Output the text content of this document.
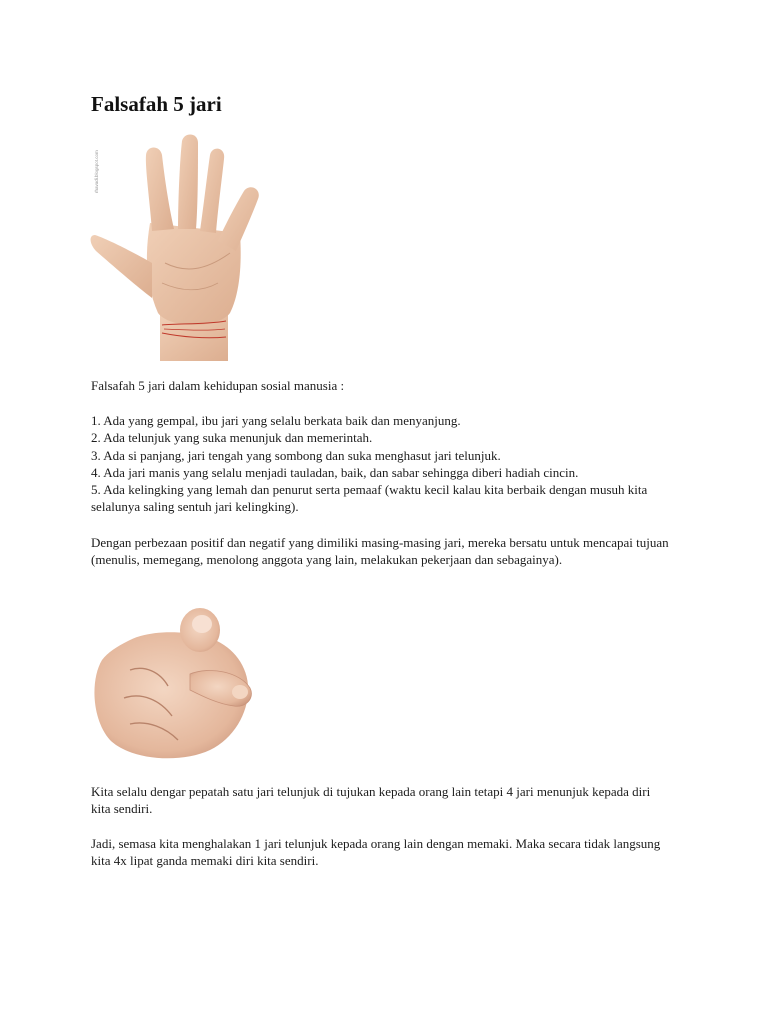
Falsafah 5 jari
rhavadi.blogspot.com

Falsafah 5 jari dalam kehidupan sosial manusia :

1. Ada yang gempal, ibu jari yang selalu berkata baik dan menyanjung.
2. Ada telunjuk yang suka menunjuk dan memerintah.
3. Ada si panjang, jari tengah yang sombong dan suka menghasut jari telunjuk.
4. Ada jari manis yang selalu menjadi tauladan, baik, dan sabar sehingga diberi hadiah cincin.
5. Ada kelingking yang lemah dan penurut serta pemaaf (waktu kecil kalau kita berbaik dengan musuh kita selalunya saling sentuh jari kelingking).

Dengan perbezaan positif dan negatif yang dimiliki masing-masing jari, mereka bersatu untuk mencapai tujuan (menulis, memegang, menolong anggota yang lain, melakukan pekerjaan dan sebagainya).

Kita selalu dengar pepatah satu jari telunjuk di tujukan kepada orang lain tetapi 4 jari menunjuk kepada diri kita sendiri.

Jadi, semasa kita menghalakan 1 jari telunjuk kepada orang lain dengan memaki. Maka secara tidak langsung kita 4x lipat ganda memaki diri kita sendiri.
